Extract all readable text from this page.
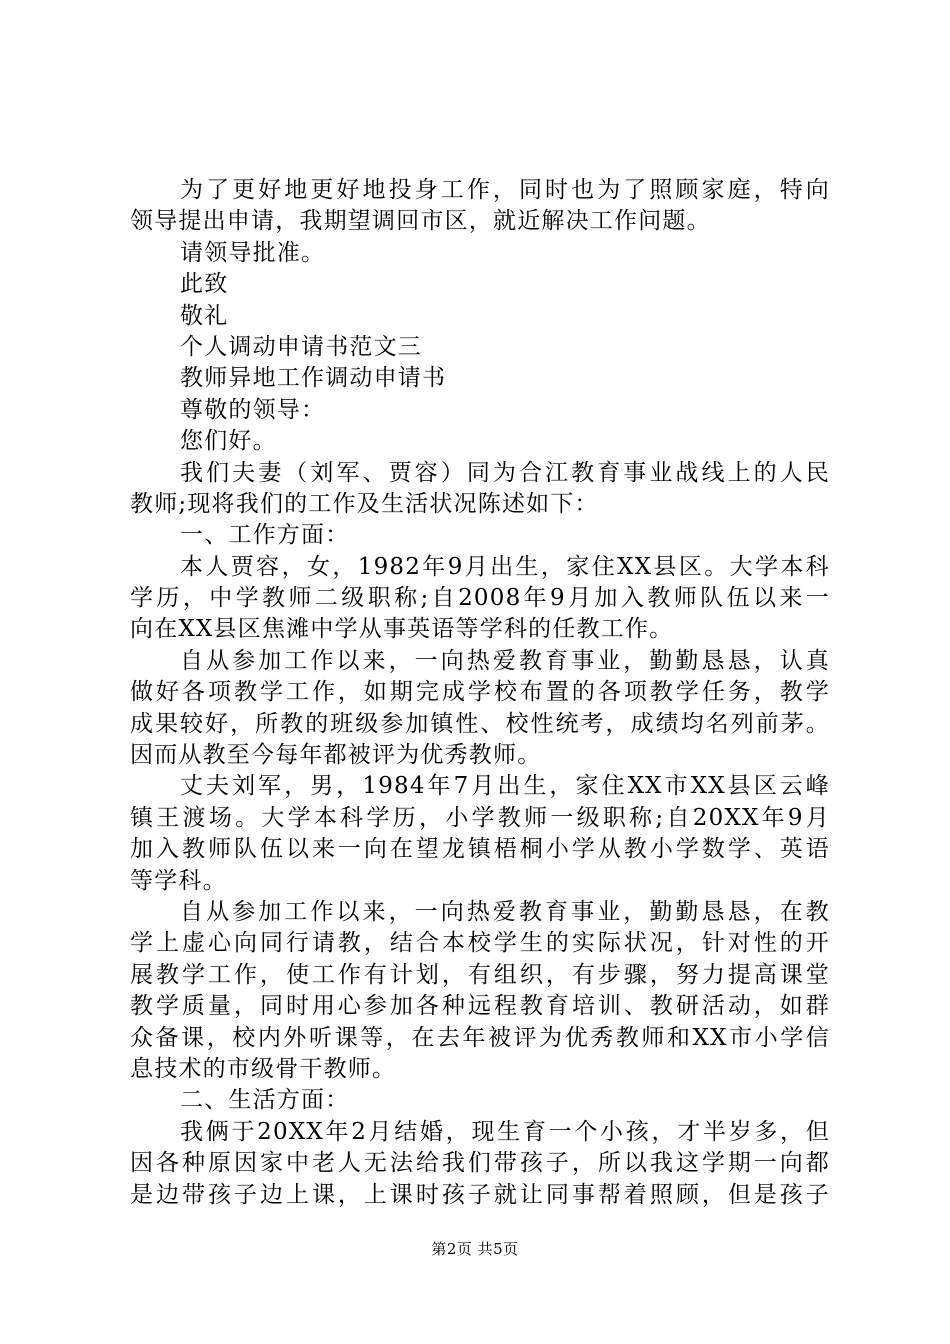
为了更好地更好地投身工作，同时也为了照顾家庭，特向
领导提出申请，我期望调回市区，就近解决工作问题。
请领导批准。
此致
敬礼
个人调动申请书范文三
教师异地工作调动申请书
尊敬的领导：
您们好。
我们夫妻（刘军、贾容）同为合江教育事业战线上的人民
教师;现将我们的工作及生活状况陈述如下：
一、工作方面：
本人贾容，女，1982年9月出生，家住XX县区。大学本科
学历，中学教师二级职称;自2008年9月加入教师队伍以来一
向在XX县区焦滩中学从事英语等学科的任教工作。
自从参加工作以来，一向热爱教育事业，勤勤恳恳，认真
做好各项教学工作，如期完成学校布置的各项教学任务，教学
成果较好，所教的班级参加镇性、校性统考，成绩均名列前茅。
因而从教至今每年都被评为优秀教师。
丈夫刘军，男，1984年7月出生，家住XX市XX县区云峰
镇王渡场。大学本科学历，小学教师一级职称;自20XX年9月
加入教师队伍以来一向在望龙镇梧桐小学从教小学数学、英语
等学科。
自从参加工作以来，一向热爱教育事业，勤勤恳恳，在教
学上虚心向同行请教，结合本校学生的实际状况，针对性的开
展教学工作，使工作有计划，有组织，有步骤，努力提高课堂
教学质量，同时用心参加各种远程教育培训、教研活动，如群
众备课，校内外听课等，在去年被评为优秀教师和XX市小学信
息技术的市级骨干教师。
二、生活方面：
我俩于20XX年2月结婚，现生育一个小孩，才半岁多，但
因各种原因家中老人无法给我们带孩子，所以我这学期一向都
是边带孩子边上课，上课时孩子就让同事帮着照顾，但是孩子
第2页 共5页
